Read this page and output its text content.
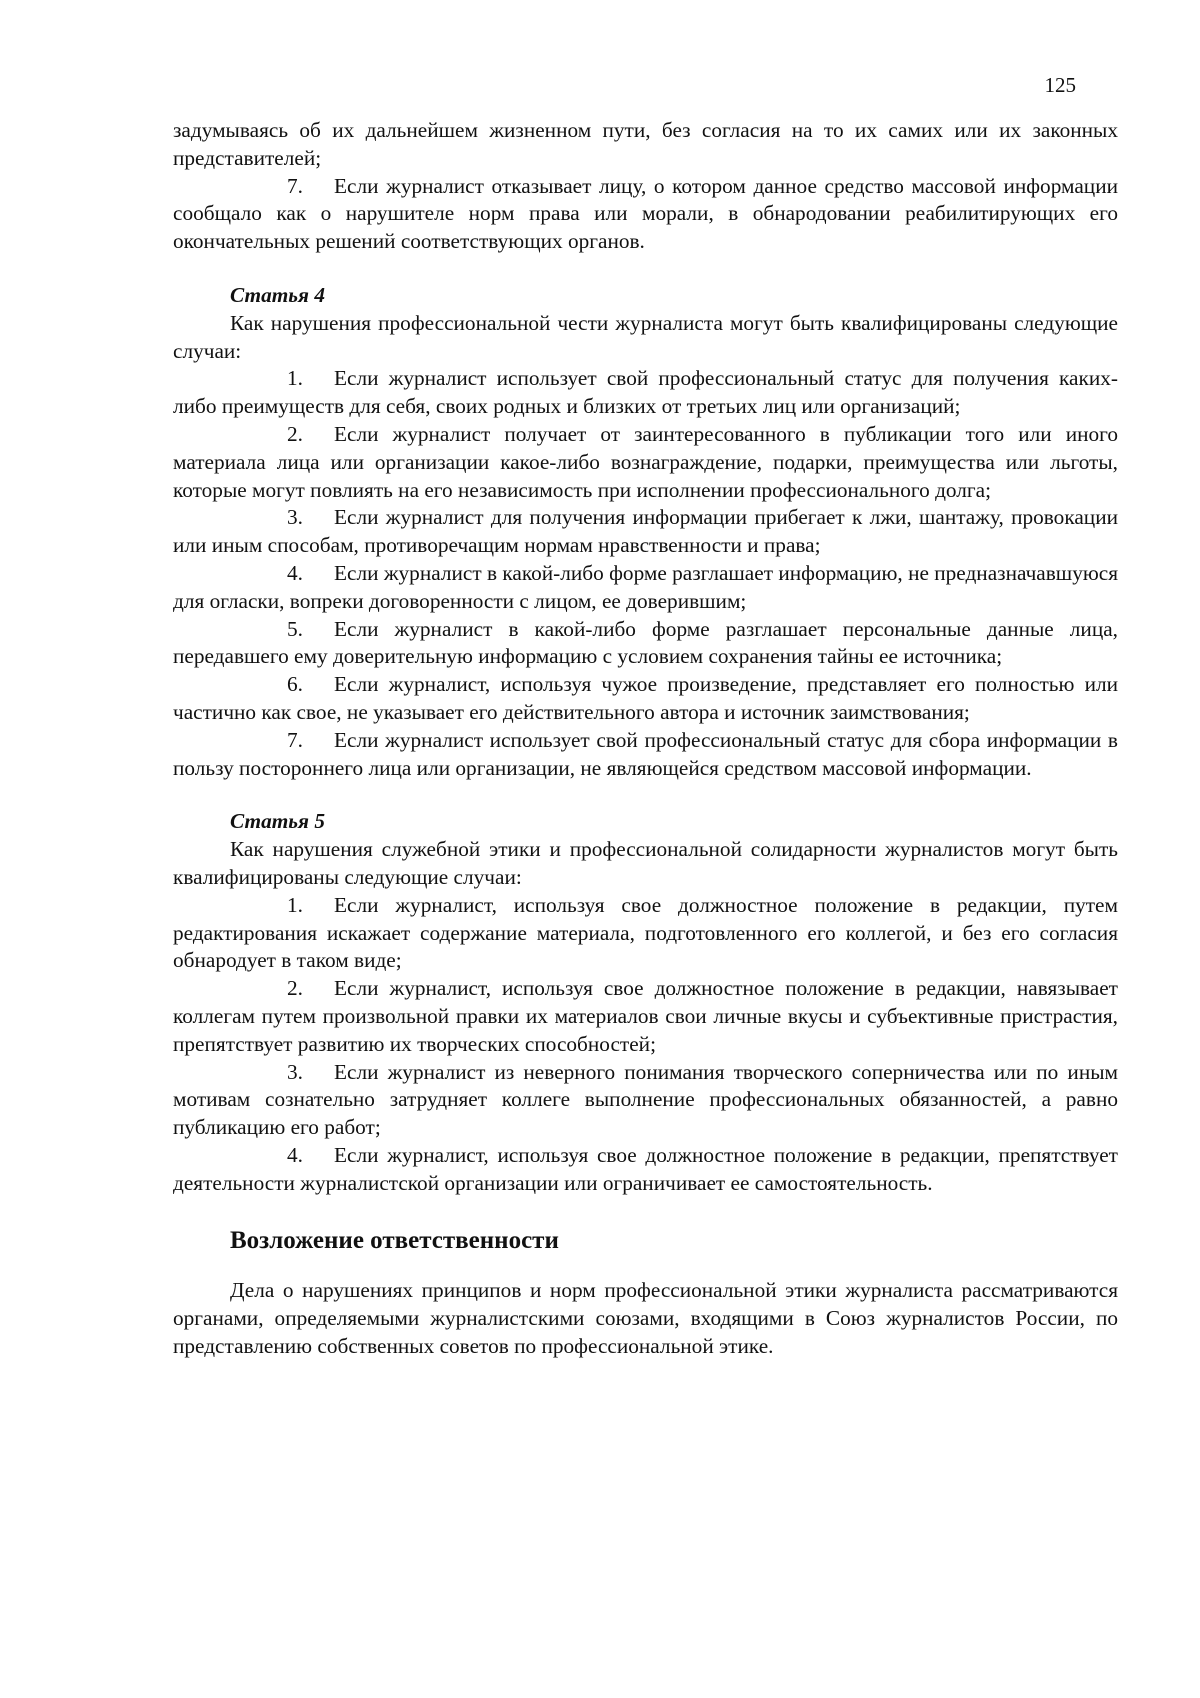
125

задумываясь об их дальнейшем жизненном пути, без согласия на то их самих или их законных представителей;

7. Если журналист отказывает лицу, о котором данное средство массовой информации сообщало как о нарушителе норм права или морали, в обнародовании реабилитирующих его окончательных решений соответствующих органов.

Статья 4

Как нарушения профессиональной чести журналиста могут быть квалифицированы следующие случаи:

1. Если журналист использует свой профессиональный статус для получения каких-либо преимуществ для себя, своих родных и близких от третьих лиц или организаций;

2. Если журналист получает от заинтересованного в публикации того или иного материала лица или организации какое-либо вознаграждение, подарки, преимущества или льготы, которые могут повлиять на его независимость при исполнении профессионального долга;

3. Если журналист для получения информации прибегает к лжи, шантажу, провокации или иным способам, противоречащим нормам нравственности и права;

4. Если журналист в какой-либо форме разглашает информацию, не предназначавшуюся для огласки, вопреки договоренности с лицом, ее доверившим;

5. Если журналист в какой-либо форме разглашает персональные данные лица, передавшего ему доверительную информацию с условием сохранения тайны ее источника;

6. Если журналист, используя чужое произведение, представляет его полностью или частично как свое, не указывает его действительного автора и источник заимствования;

7. Если журналист использует свой профессиональный статус для сбора информации в пользу постороннего лица или организации, не являющейся средством массовой информации.

Статья 5

Как нарушения служебной этики и профессиональной солидарности журналистов могут быть квалифицированы следующие случаи:

1. Если журналист, используя свое должностное положение в редакции, путем редактирования искажает содержание материала, подготовленного его коллегой, и без его согласия обнародует в таком виде;

2. Если журналист, используя свое должностное положение в редакции, навязывает коллегам путем произвольной правки их материалов свои личные вкусы и субъективные пристрастия, препятствует развитию их творческих способностей;

3. Если журналист из неверного понимания творческого соперничества или по иным мотивам сознательно затрудняет коллеге выполнение профессиональных обязанностей, а равно публикацию его работ;

4. Если журналист, используя свое должностное положение в редакции, препятствует деятельности журналистской организации или ограничивает ее самостоятельность.

Возложение ответственности

Дела о нарушениях принципов и норм профессиональной этики журналиста рассматриваются органами, определяемыми журналистскими союзами, входящими в Союз журналистов России, по представлению собственных советов по профессиональной этике.
